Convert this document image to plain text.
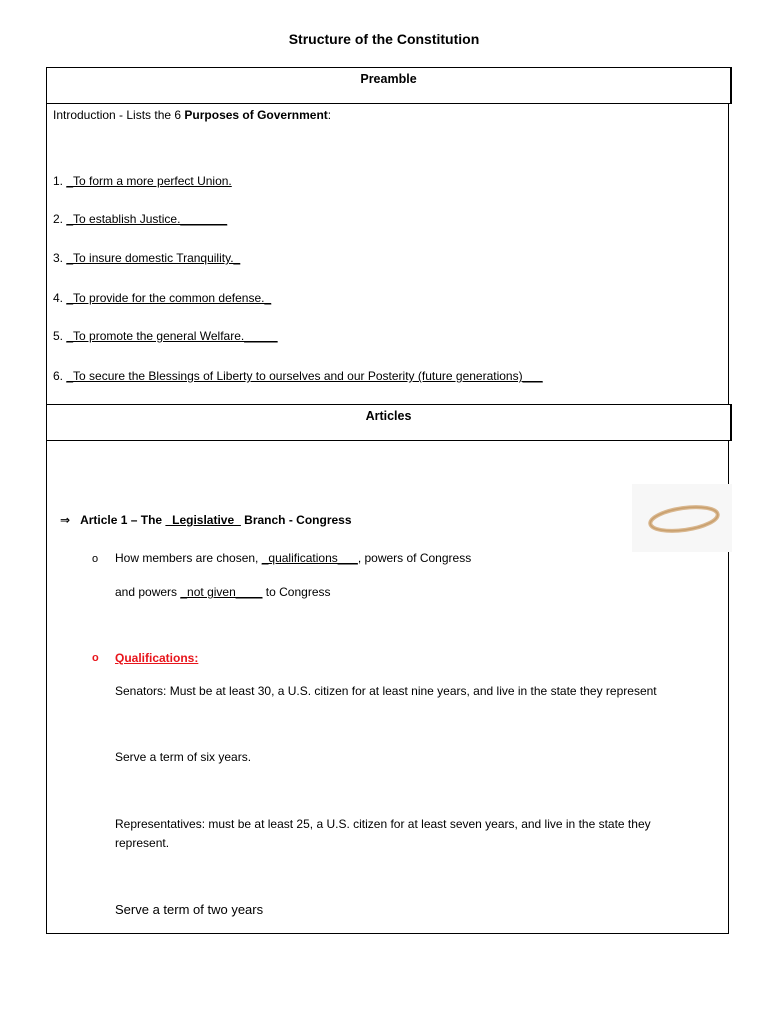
Structure of the Constitution
Preamble
Introduction - Lists the 6 Purposes of Government:
1. _To form a more perfect Union.
2. _To establish Justice._______
3. _To insure domestic Tranquility._
4. _To provide for the common defense._
5. _To promote the general Welfare._____
6. _To secure the Blessings of Liberty to ourselves and our Posterity (future generations)___
Articles
⇒ Article 1 – The _Legislative_ Branch - Congress
o How members are chosen, _qualifications___, powers of Congress
and powers _not given____ to Congress
o Qualifications:
Senators: Must be at least 30, a U.S. citizen for at least nine years, and live in the state they represent
Serve a term of six years.
Representatives: must be at least 25, a U.S. citizen for at least seven years, and live in the state they
represent.
Serve a term of two years
